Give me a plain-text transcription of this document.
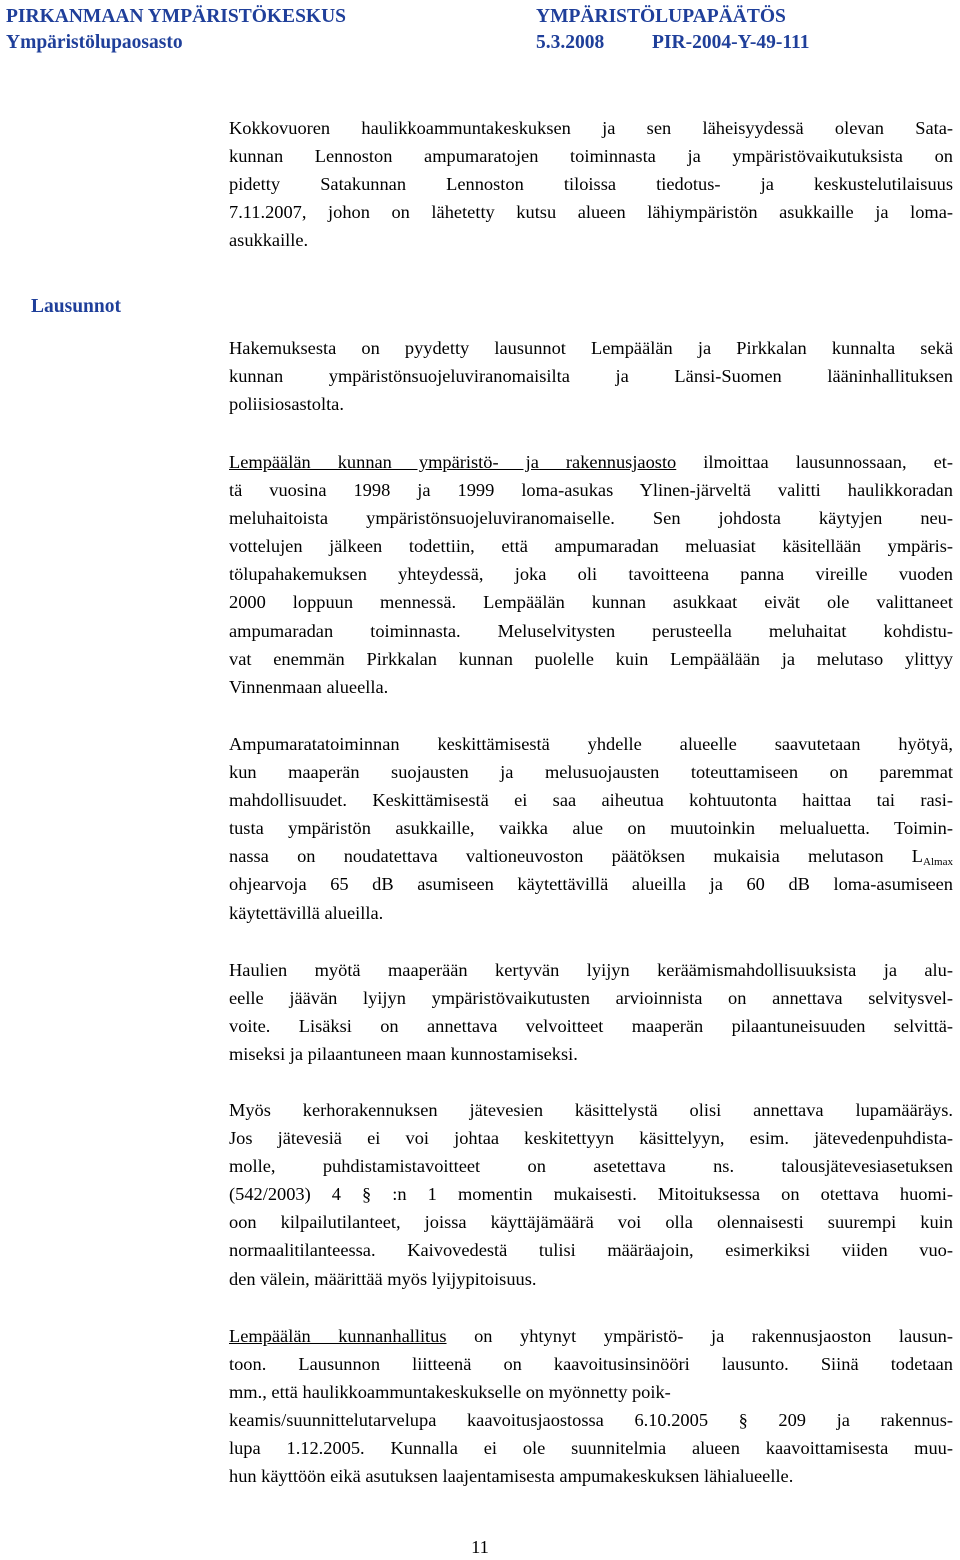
PIRKANMAAN YMPÄRISTÖKESKUS	YMPÄRISTÖLUPAPÄÄTÖS
Ympäristölupaosasto	5.3.2008	PIR-2004-Y-49-111
Lausunnot
Kokkovuoren haulikkoammuntakeskuksen ja sen läheisyydessä olevan Sata-
kunnan Lennoston ampumaratojen toiminnasta ja ympäristövaikutuksista on
pidetty Satakunnan Lennoston tiloissa tiedotus- ja keskustelutilaisuus
7.11.2007, johon on lähetetty kutsu alueen lähiympäristön asukkaille ja loma-
asukkaille.
Hakemuksesta on pyydetty lausunnot Lempäälän ja Pirkkalan kunnalta sekä
kunnan ympäristönsuojeluviranomaisilta ja Länsi-Suomen lääninhallituksen
poliisiosastolta.
Lempäälän kunnan ympäristö- ja rakennusjaosto ilmoittaa lausunnossaan, et-
tä vuosina 1998 ja 1999 loma-asukas Ylinen-järveltä valitti haulikkoradan
meluhaitoista ympäristönsuojeluviranomaiselle. Sen johdosta käytyjen neu-
vottelujen jälkeen todettiin, että ampumaradan meluasiat käsitellään ympäris-
tölupahakemuksen yhteydessä, joka oli tavoitteena panna vireille vuoden
2000 loppuun mennessä. Lempäälän kunnan asukkaat eivät ole valittaneet
ampumaradan toiminnasta. Meluselvitysten perusteella meluhaitat kohdistu-
vat enemmän Pirkkalan kunnan puolelle kuin Lempäälään ja melutaso ylittyy
Vinnenmaan alueella.
Ampumaratatoiminnan keskittämisestä yhdelle alueelle saavutetaan hyötyä,
kun maaperän suojausten ja melusuojausten toteuttamiseen on paremmat
mahdollisuudet. Keskittämisestä ei saa aiheutua kohtuutonta haittaa tai rasi-
tusta ympäristön asukkaille, vaikka alue on muutoinkin melualuetta. Toimin-
nassa on noudatettava valtioneuvoston päätöksen mukaisia melutason $L_{Almax}$
ohjearvoja 65 dB asumiseen käytettävillä alueilla ja 60 dB loma-asumiseen
käytettävillä alueilla.
Haulien myötä maaperään kertyvän lyijyn keräämismahdollisuuksista ja alu-
eelle jäävän lyijyn ympäristövaikutusten arvioinnista on annettava selvitysvel-
voite. Lisäksi on annettava velvoitteet maaperän pilaantuneisuuden selvittä-
miseksi ja pilaantuneen maan kunnostamiseksi.
Myös kerhorakennuksen jätevesien käsittelystä olisi annettava lupamääräys.
Jos jätevesiä ei voi johtaa keskitettyyn käsittelyyn, esim. jätevedenpuhdista-
molle, puhdistamistavoitteet on asetettava ns. talousjätevesiasetuksen
(542/2003) 4 § :n 1 momentin mukaisesti. Mitoituksessa on otettava huomi-
oon kilpailutilanteet, joissa käyttäjämäärä voi olla olennaisesti suurempi kuin
normaalitilanteessa. Kaivovedestä tulisi määräajoin, esimerkiksi viiden vuo-
den välein, määrittää myös lyijypitoisuus.
Lempäälän kunnanhallitus on yhtynyt ympäristö- ja rakennusjaoston lausun-
toon. Lausunnon liitteenä on kaavoitusinsinööri lausunto. Siinä todetaan
mm., että haulikkoammuntakeskukselle on myönnetty poik-
keamis/suunnittelutarvelupa kaavoitusjaostossa 6.10.2005 § 209 ja rakennus-
lupa 1.12.2005. Kunnalla ei ole suunnitelmia alueen kaavoittamisesta muu-
hun käyttöön eikä asutuksen laajentamisesta ampumakeskuksen lähialueelle.
11
